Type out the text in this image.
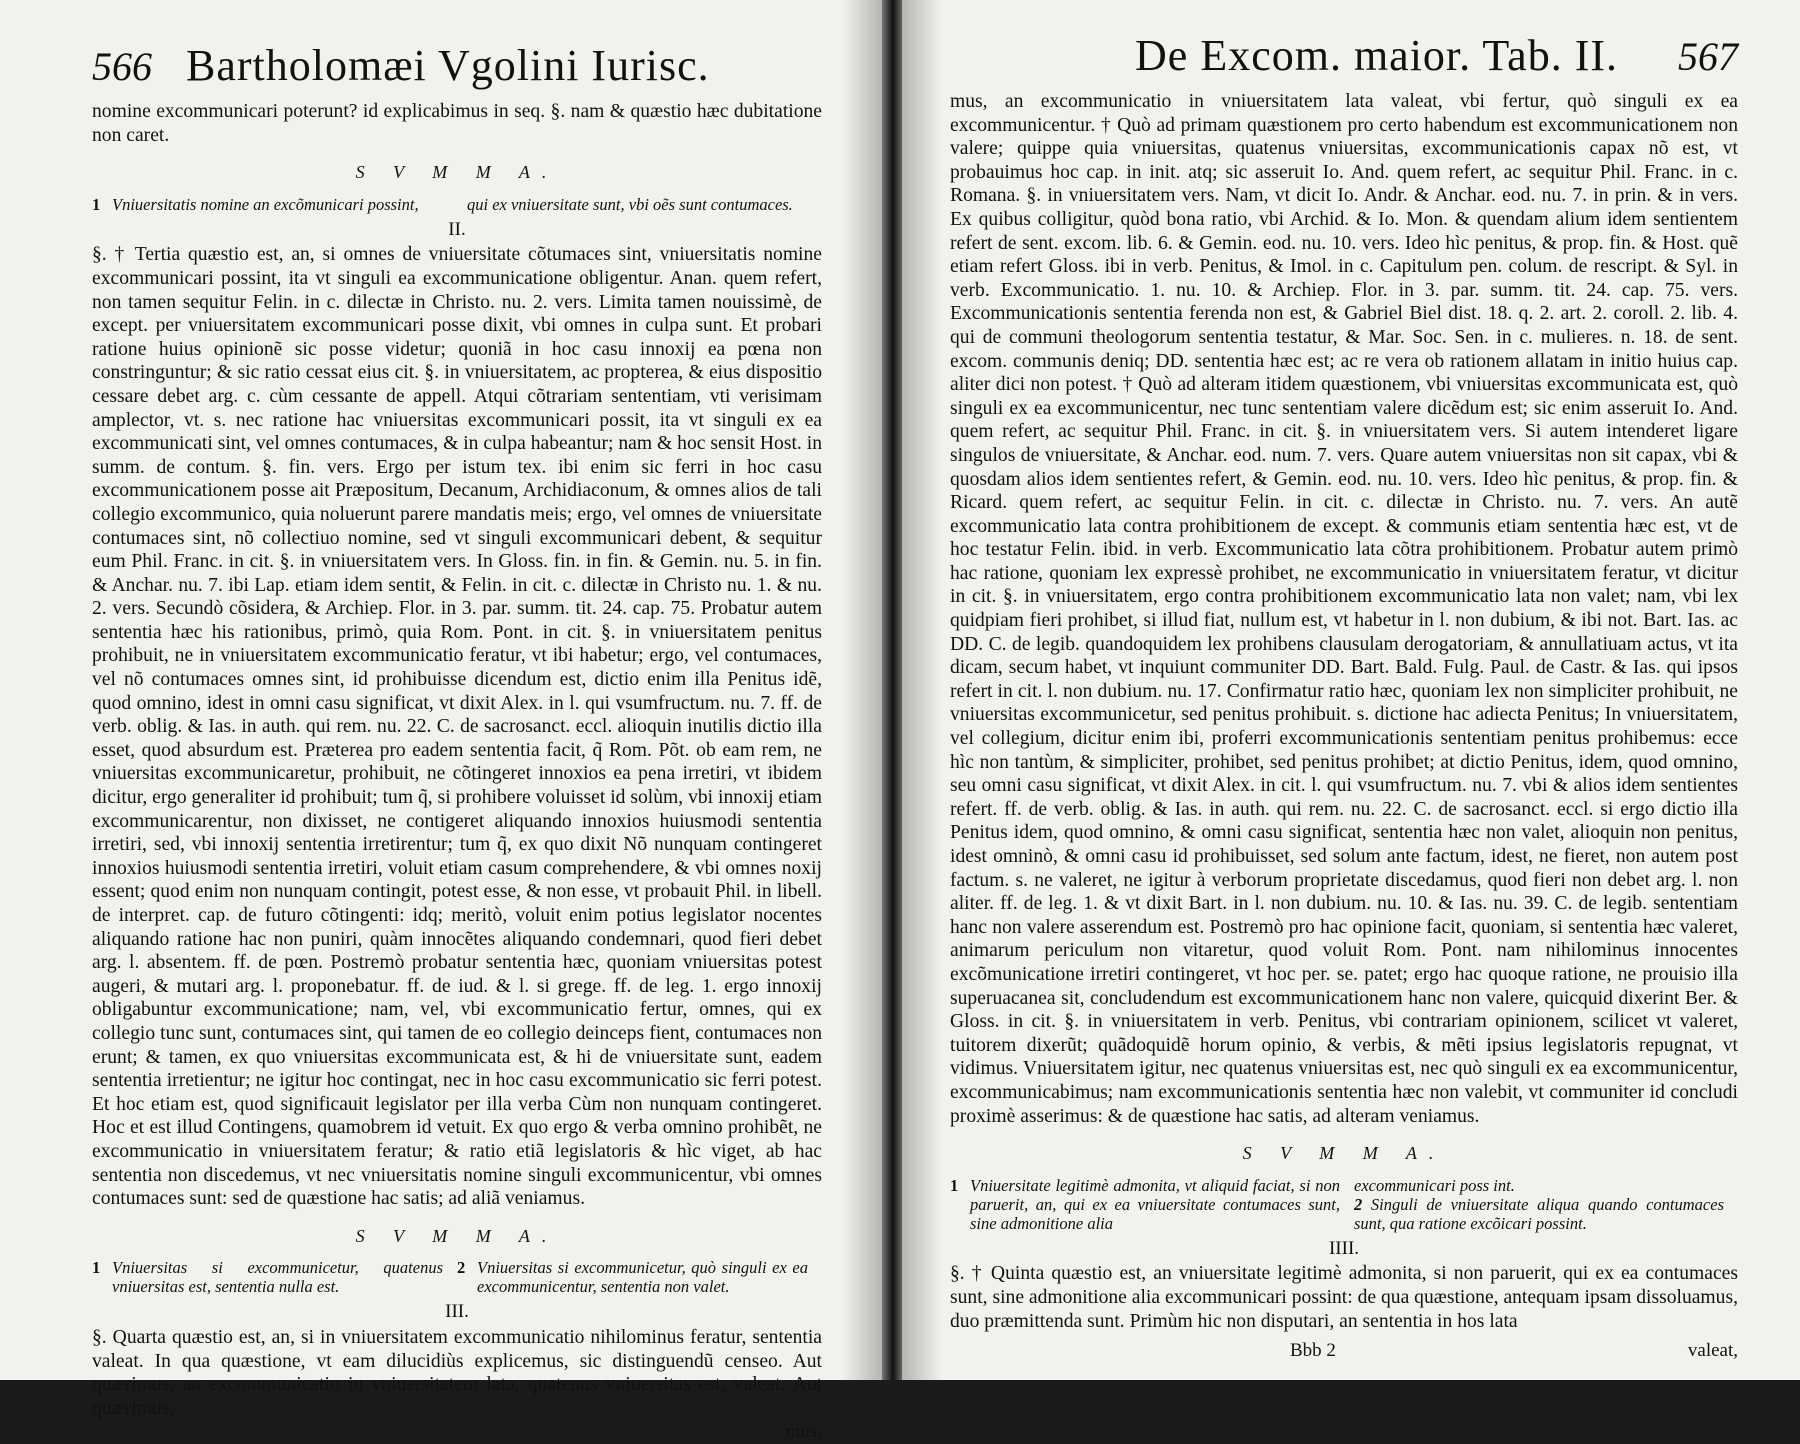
566 Bartholomæi Vgolini Iurisc.

nomine excommunicari poterunt? id explicabimus in seq. §. nam & quæstio hæc dubitatione non caret.

S V M M A.
1 Vniuersitatis nomine an excõmunicari possint,	qui ex vniuersitate sunt, vbi oẽs sunt contumaces.
II.

§. † Tertia quæstio est, an, si omnes de vniuersitate cõtumaces sint, vniuersitatis nomine excommunicari possint, ita vt singuli ea excommunicatione obligentur. Anan. quem refert, non tamen sequitur Felin. in c. dilectæ in Christo. nu. 2. vers. Limita tamen nouissimè, de except. per vniuersitatem excommunicari posse dixit, vbi omnes in culpa sunt. Et probari ratione huius opinionẽ sic posse videtur; quoniã in hoc casu innoxij ea pœna non constringuntur; & sic ratio cessat eius cit. §. in vniuersitatem, ac propterea, & eius dispositio cessare debet arg. c. cùm cessante de appell. Atqui cõtrariam sententiam, vti verisimam amplector, vt. s. nec ratione hac vniuersitas excommunicari possit, ita vt singuli ex ea excommunicati sint, vel omnes contumaces, & in culpa habeantur; nam & hoc sensit Host. in summ. de contum. §. fin. vers. Ergo per istum tex. ibi enim sic ferri in hoc casu excommunicationem posse ait Præpositum, Decanum, Archidiaconum, & omnes alios de tali collegio excommunico, quia noluerunt parere mandatis meis; ergo, vel omnes de vniuersitate contumaces sint, nõ collectiuo nomine, sed vt singuli excommunicari debent, & sequitur eum Phil. Franc. in cit. §. in vniuersitatem vers. In Gloss. fin. in fin. & Gemin. nu. 5. in fin. & Anchar. nu. 7. ibi Lap. etiam idem sentit, & Felin. in cit. c. dilectæ in Christo nu. 1. & nu. 2. vers. Secundò cõsidera, & Archiep. Flor. in 3. par. summ. tit. 24. cap. 75. Probatur autem sententia hæc his rationibus, primò, quia Rom. Pont. in cit. §. in vniuersitatem penitus prohibuit, ne in vniuersitatem excommunicatio feratur, vt ibi habetur; ergo, vel contumaces, vel nõ contumaces omnes sint, id prohibuisse dicendum est, dictio enim illa Penitus idẽ, quod omnino, idest in omni casu significat, vt dixit Alex. in l. qui vsumfructum. nu. 7. ff. de verb. oblig. & Ias. in auth. qui rem. nu. 22. C. de sacrosanct. eccl. alioquin inutilis dictio illa esset, quod absurdum est. Præterea pro eadem sententia facit, q̃ Rom. Põt. ob eam rem, ne vniuersitas excommunicaretur, prohibuit, ne cõtingeret innoxios ea pena irretiri, vt ibidem dicitur, ergo generaliter id prohibuit; tum q̃, si prohibere voluisset id solùm, vbi innoxij etiam excommunicarentur, non dixisset, ne contigeret aliquando innoxios huiusmodi sententia irretiri, sed, vbi innoxij sententia irretirentur; tum q̃, ex quo dixit Nõ nunquam contingeret innoxios huiusmodi sententia irretiri, voluit etiam casum comprehendere, & vbi omnes noxij essent; quod enim non nunquam contingit, potest esse, & non esse, vt probauit Phil. in libell. de interpret. cap. de futuro cõtingenti: idq; meritò, voluit enim potius legislator nocentes aliquando ratione hac non puniri, quàm innocẽtes aliquando condemnari, quod fieri debet arg. l. absentem. ff. de pœn. Postremò probatur sententia hæc, quoniam vniuersitas potest augeri, & mutari arg. l. proponebatur. ff. de iud. & l. si grege. ff. de leg. 1. ergo innoxij obligabuntur excommunicatione; nam, vel, vbi excommunicatio fertur, omnes, qui ex collegio tunc sunt, contumaces sint, qui tamen de eo collegio deinceps fient, contumaces non erunt; & tamen, ex quo vniuersitas excommunicata est, & hi de vniuersitate sunt, eadem sententia irretientur; ne igitur hoc contingat, nec in hoc casu excommunicatio sic ferri potest. Et hoc etiam est, quod significauit legislator per illa verba Cùm non nunquam contingeret. Hoc et est illud Contingens, quamobrem id vetuit. Ex quo ergo & verba omnino prohibẽt, ne excommunicatio in vniuersitatem feratur; & ratio etiã legislatoris & hìc viget, ab hac sententia non discedemus, vt nec vniuersitatis nomine singuli excommunicentur, vbi omnes contumaces sunt: sed de quæstione hac satis; ad aliã veniamus.

S V M M A.
1 Vniuersitas si excommunicetur, quatenus vniuersitas est, sententia nulla est.
2 Vniuersitas si excommunicetur, quò singuli ex ea excommunicentur, sententia non valet.
III.

§. Quarta quæstio est, an, si in vniuersitatem excommunicatio nihilominus feratur, sententia valeat. In qua quæstione, vt eam dilucidiùs explicemus, sic distinguendũ censeo. Aut quærimus, an excommunicatio in vniuersitatem lata, quatenus vniuersitas est, valeat. Aut quærimus,

mus,
De Excom. maior. Tab. II. 567

mus, an excommunicatio in vniuersitatem lata valeat, vbi fertur, quò singuli ex ea excommunicentur. † Quò ad primam quæstionem pro certo habendum est excommunicationem non valere; quippe quia vniuersitas, quatenus vniuersitas, excommunicationis capax nõ est, vt probauimus hoc cap. in init. atq; sic asseruit Io. And. quem refert, ac sequitur Phil. Franc. in c. Romana. §. in vniuersitatem vers. Nam, vt dicit Io. Andr. & Anchar. eod. nu. 7. in prin. & in vers. Ex quibus colligitur, quòd bona ratio, vbi Archid. & Io. Mon. & quendam alium idem sentientem refert de sent. excom. lib. 6. & Gemin. eod. nu. 10. vers. Ideo hìc penitus, & prop. fin. & Host. quẽ etiam refert Gloss. ibi in verb. Penitus, & Imol. in c. Capitulum pen. colum. de rescript. & Syl. in verb. Excommunicatio. 1. nu. 10. & Archiep. Flor. in 3. par. summ. tit. 24. cap. 75. vers. Excommunicationis sententia ferenda non est, & Gabriel Biel dist. 18. q. 2. art. 2. coroll. 2. lib. 4. qui de communi theologorum sententia testatur, & Mar. Soc. Sen. in c. mulieres. n. 18. de sent. excom. communis deniq; DD. sententia hæc est; ac re vera ob rationem allatam in initio huius cap. aliter dici non potest. † Quò ad alteram itidem quæstionem, vbi vniuersitas excommunicata est, quò singuli ex ea excommunicentur, nec tunc sententiam valere dicẽdum est; sic enim asseruit Io. And. quem refert, ac sequitur Phil. Franc. in cit. §. in vniuersitatem vers. Si autem intenderet ligare singulos de vniuersitate, & Anchar. eod. num. 7. vers. Quare autem vniuersitas non sit capax, vbi & quosdam alios idem sentientes refert, & Gemin. eod. nu. 10. vers. Ideo hìc penitus, & prop. fin. & Ricard. quem refert, ac sequitur Felin. in cit. c. dilectæ in Christo. nu. 7. vers. An autẽ excommunicatio lata contra prohibitionem de except. & communis etiam sententia hæc est, vt de hoc testatur Felin. ibid. in verb. Excommunicatio lata cõtra prohibitionem. Probatur autem primò hac ratione, quoniam lex expressè prohibet, ne excommunicatio in vniuersitatem feratur, vt dicitur in cit. §. in vniuersitatem, ergo contra prohibitionem excommunicatio lata non valet; nam, vbi lex quidpiam fieri prohibet, si illud fiat, nullum est, vt habetur in l. non dubium, & ibi not. Bart. Ias. ac DD. C. de legib. quandoquidem lex prohibens clausulam derogatoriam, & annullatiuam actus, vt ita dicam, secum habet, vt inquiunt communiter DD. Bart. Bald. Fulg. Paul. de Castr. & Ias. qui ipsos refert in cit. l. non dubium. nu. 17. Confirmatur ratio hæc, quoniam lex non simpliciter prohibuit, ne vniuersitas excommunicetur, sed penitus prohibuit. s. dictione hac adiecta Penitus; In vniuersitatem, vel collegium, dicitur enim ibi, proferri excommunicationis sententiam penitus prohibemus: ecce hìc non tantùm, & simpliciter, prohibet, sed penitus prohibet; at dictio Penitus, idem, quod omnino, seu omni casu significat, vt dixit Alex. in cit. l. qui vsumfructum. nu. 7. vbi & alios idem sentientes refert. ff. de verb. oblig. & Ias. in auth. qui rem. nu. 22. C. de sacrosanct. eccl. si ergo dictio illa Penitus idem, quod omnino, & omni casu significat, sententia hæc non valet, alioquin non penitus, idest omninò, & omni casu id prohibuisset, sed solum ante factum, idest, ne fieret, non autem post factum. s. ne valeret, ne igitur à verborum proprietate discedamus, quod fieri non debet arg. l. non aliter. ff. de leg. 1. & vt dixit Bart. in l. non dubium. nu. 10. & Ias. nu. 39. C. de legib. sententiam hanc non valere asserendum est. Postremò pro hac opinione facit, quoniam, si sententia hæc valeret, animarum periculum non vitaretur, quod voluit Rom. Pont. nam nihilominus innocentes excõmunicatione irretiri contingeret, vt hoc per. se. patet; ergo hac quoque ratione, ne prouisio illa superuacanea sit, concludendum est excommunicationem hanc non valere, quicquid dixerint Ber. & Gloss. in cit. §. in vniuersitatem in verb. Penitus, vbi contrariam opinionem, scilicet vt valeret, tuitorem dixerũt; quãdoquidẽ horum opinio, & verbis, & mẽti ipsius legislatoris repugnat, vt vidimus. Vniuersitatem igitur, nec quatenus vniuersitas est, nec quò singuli ex ea excommunicentur, excommunicabimus; nam excommunicationis sententia hæc non valebit, vt communiter id concludi proximè asserimus: & de quæstione hac satis, ad alteram veniamus.

S V M M A.
1 Vniuersitate legitimè admonita, vt aliquid faciat, si non paruerit, an, qui ex ea vniuersitate contumaces sunt, sine admonitione alia
excommunicari poss int.
2 Singuli de vniuersitate aliqua quando contumaces sunt, qua ratione excõicari possint.
IIII.

§. † Quinta quæstio est, an vniuersitate legitimè admonita, si non paruerit, qui ex ea contumaces sunt, sine admonitione alia excommunicari possint: de qua quæstione, antequam ipsam dissoluamus, duo præmittenda sunt. Primùm hic non disputari, an sententia in hos lata

Bbb 2	valeat,
